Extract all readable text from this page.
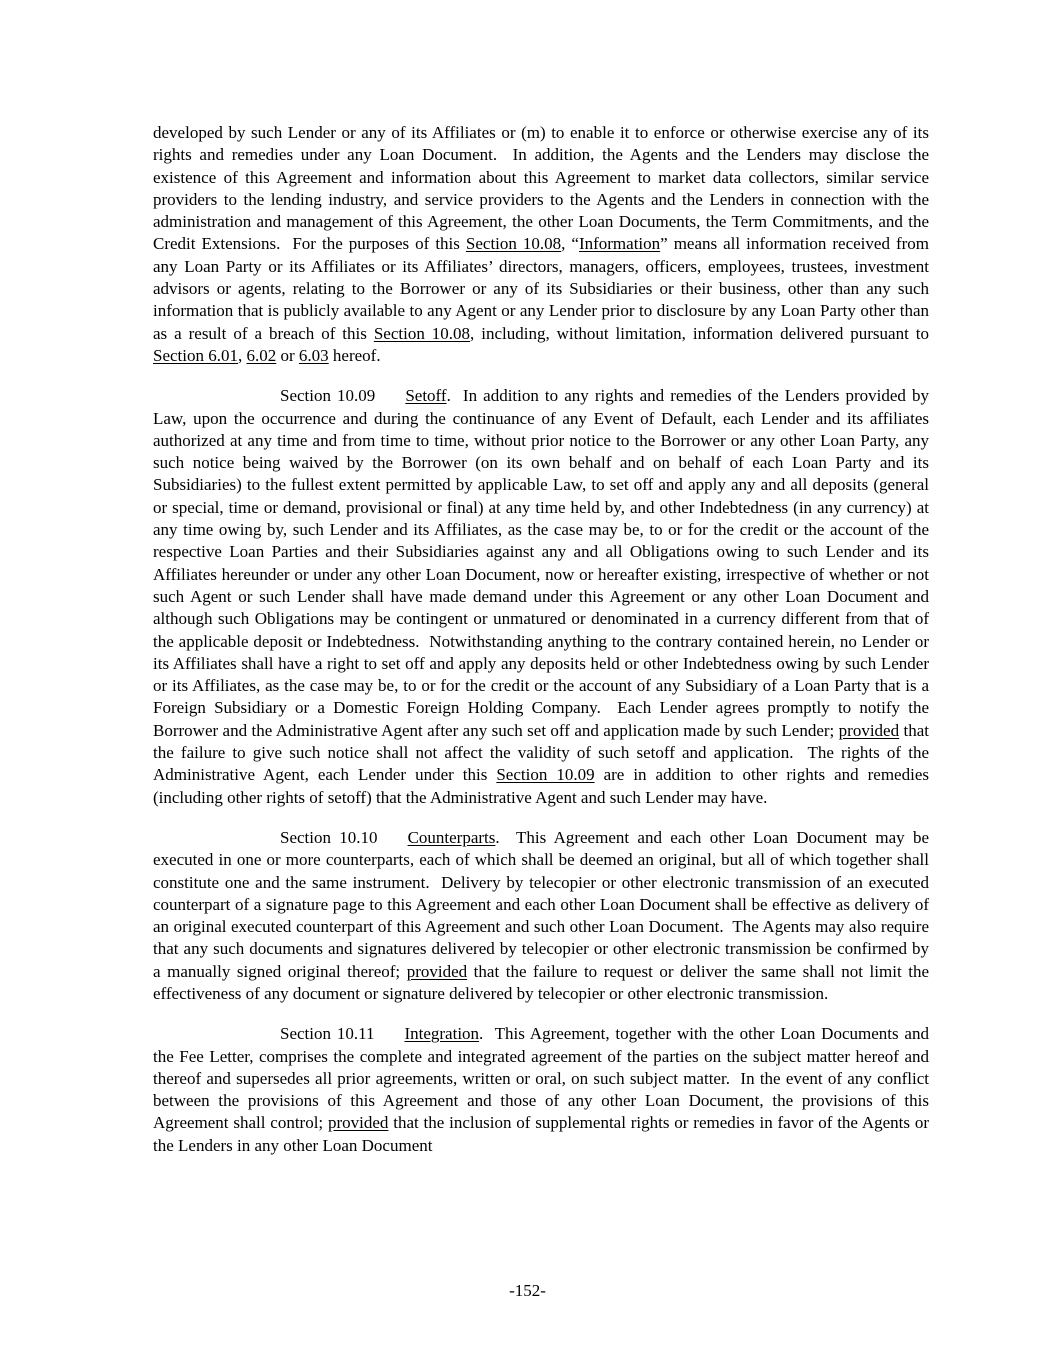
developed by such Lender or any of its Affiliates or (m) to enable it to enforce or otherwise exercise any of its rights and remedies under any Loan Document.  In addition, the Agents and the Lenders may disclose the existence of this Agreement and information about this Agreement to market data collectors, similar service providers to the lending industry, and service providers to the Agents and the Lenders in connection with the administration and management of this Agreement, the other Loan Documents, the Term Commitments, and the Credit Extensions.  For the purposes of this Section 10.08, “Information” means all information received from any Loan Party or its Affiliates or its Affiliates’ directors, managers, officers, employees, trustees, investment advisors or agents, relating to the Borrower or any of its Subsidiaries or their business, other than any such information that is publicly available to any Agent or any Lender prior to disclosure by any Loan Party other than as a result of a breach of this Section 10.08, including, without limitation, information delivered pursuant to Section 6.01, 6.02 or 6.03 hereof.

Section 10.09 Setoff.  In addition to any rights and remedies of the Lenders provided by Law, upon the occurrence and during the continuance of any Event of Default, each Lender and its affiliates authorized at any time and from time to time, without prior notice to the Borrower or any other Loan Party, any such notice being waived by the Borrower (on its own behalf and on behalf of each Loan Party and its Subsidiaries) to the fullest extent permitted by applicable Law, to set off and apply any and all deposits (general or special, time or demand, provisional or final) at any time held by, and other Indebtedness (in any currency) at any time owing by, such Lender and its Affiliates, as the case may be, to or for the credit or the account of the respective Loan Parties and their Subsidiaries against any and all Obligations owing to such Lender and its Affiliates hereunder or under any other Loan Document, now or hereafter existing, irrespective of whether or not such Agent or such Lender shall have made demand under this Agreement or any other Loan Document and although such Obligations may be contingent or unmatured or denominated in a currency different from that of the applicable deposit or Indebtedness.  Notwithstanding anything to the contrary contained herein, no Lender or its Affiliates shall have a right to set off and apply any deposits held or other Indebtedness owing by such Lender or its Affiliates, as the case may be, to or for the credit or the account of any Subsidiary of a Loan Party that is a Foreign Subsidiary or a Domestic Foreign Holding Company.  Each Lender agrees promptly to notify the Borrower and the Administrative Agent after any such set off and application made by such Lender; provided that the failure to give such notice shall not affect the validity of such setoff and application.  The rights of the Administrative Agent, each Lender under this Section 10.09 are in addition to other rights and remedies (including other rights of setoff) that the Administrative Agent and such Lender may have.

Section 10.10 Counterparts.  This Agreement and each other Loan Document may be executed in one or more counterparts, each of which shall be deemed an original, but all of which together shall constitute one and the same instrument.  Delivery by telecopier or other electronic transmission of an executed counterpart of a signature page to this Agreement and each other Loan Document shall be effective as delivery of an original executed counterpart of this Agreement and such other Loan Document.  The Agents may also require that any such documents and signatures delivered by telecopier or other electronic transmission be confirmed by a manually signed original thereof; provided that the failure to request or deliver the same shall not limit the effectiveness of any document or signature delivered by telecopier or other electronic transmission.

Section 10.11 Integration.  This Agreement, together with the other Loan Documents and the Fee Letter, comprises the complete and integrated agreement of the parties on the subject matter hereof and thereof and supersedes all prior agreements, written or oral, on such subject matter.  In the event of any conflict between the provisions of this Agreement and those of any other Loan Document, the provisions of this Agreement shall control; provided that the inclusion of supplemental rights or remedies in favor of the Agents or the Lenders in any other Loan Document

-152-
